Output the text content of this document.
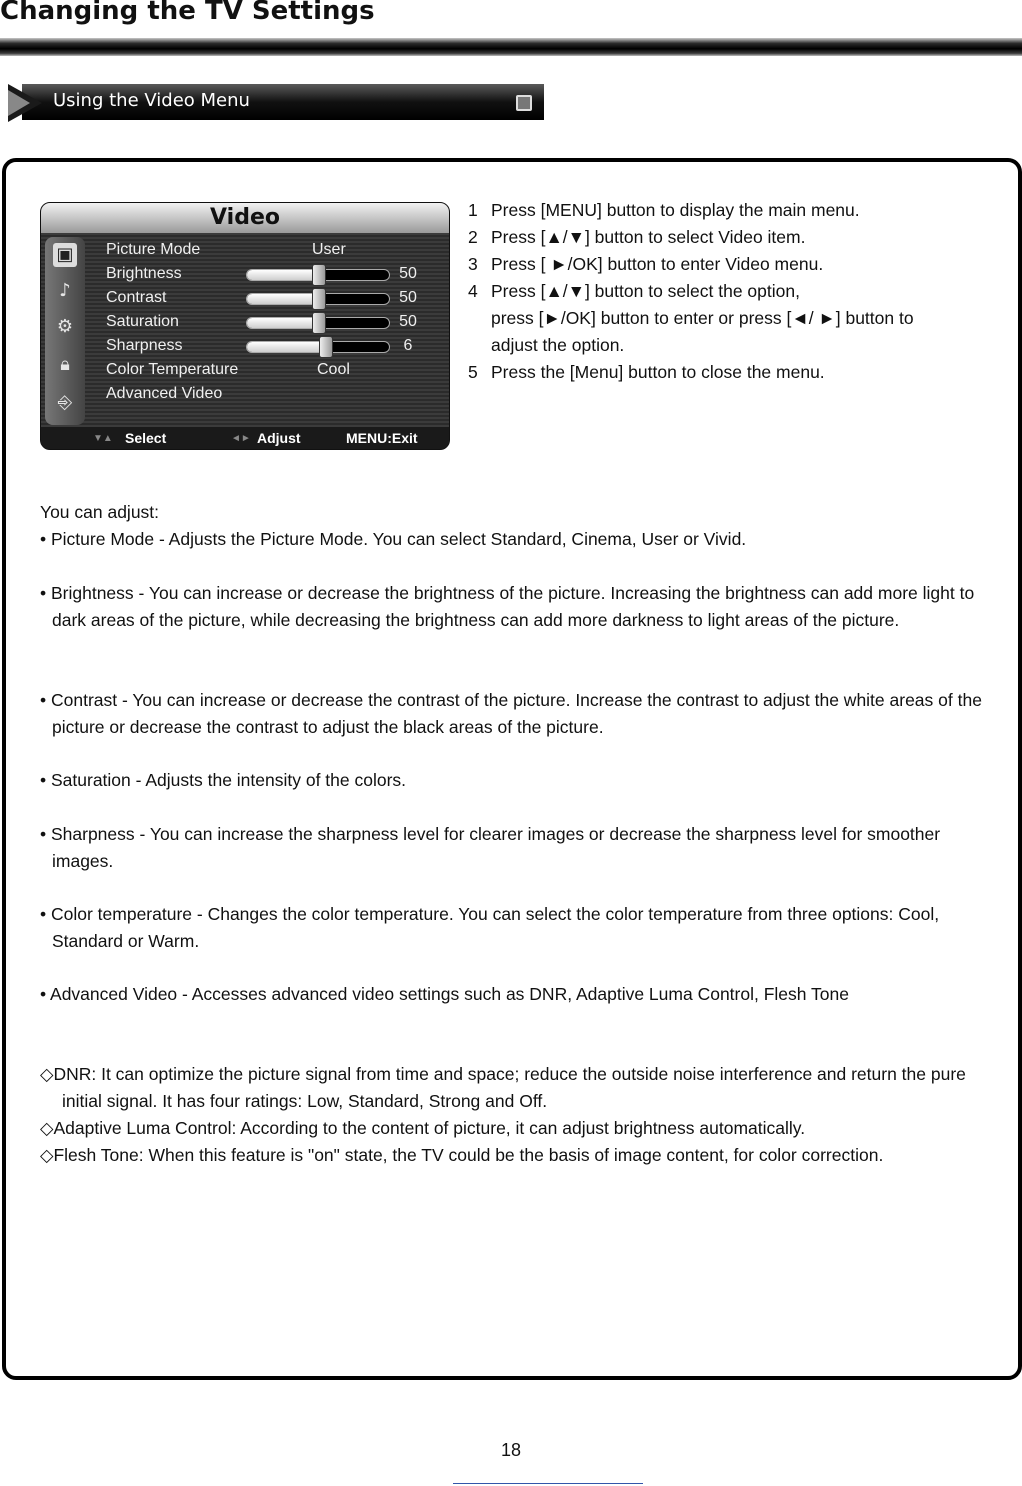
Changing the TV Settings
Using the Video Menu
Video
▣
♪
⚙
🔒︎
⎆
Picture Mode	User
Brightness	50
Contrast	50
Saturation	50
Sharpness	6
Color Temperature	Cool
Advanced Video
▼▲ Select	◄► Adjust	MENU:Exit
1 Press [MENU] button to display the main menu.
2 Press [▲/▼] button to select Video item.
3 Press [ ►/OK] button to enter Video menu.
4 Press [▲/▼] button to select the option,
press [►/OK] button to enter or press [◄/ ►] button to
adjust the option.
5 Press the [Menu] button to close the menu.

You can adjust:

• Picture Mode - Adjusts the Picture Mode. You can select Standard, Cinema, User or Vivid.

• Brightness - You can increase or decrease the brightness of the picture. Increasing the brightness can add more light to dark areas of the picture, while decreasing the brightness can add more darkness to light areas of the picture.

• Contrast - You can increase or decrease the contrast of the picture. Increase the contrast to adjust the white areas of the picture or decrease the contrast to adjust the black areas of the picture.

• Saturation - Adjusts the intensity of the colors.

• Sharpness - You can increase the sharpness level for clearer images or decrease the sharpness level for smoother images.

• Color temperature - Changes the color temperature. You can select the color temperature from three options: Cool, Standard or Warm.

• Advanced Video - Accesses advanced video settings such as DNR, Adaptive Luma Control, Flesh Tone

◇DNR: It can optimize the picture signal from time and space; reduce the outside noise interference and return the pure initial signal. It has four ratings: Low, Standard, Strong and Off.

◇Adaptive Luma Control: According to the content of picture, it can adjust brightness automatically.

◇Flesh Tone: When this feature is "on" state, the TV could be the basis of image content, for color correction.

18
